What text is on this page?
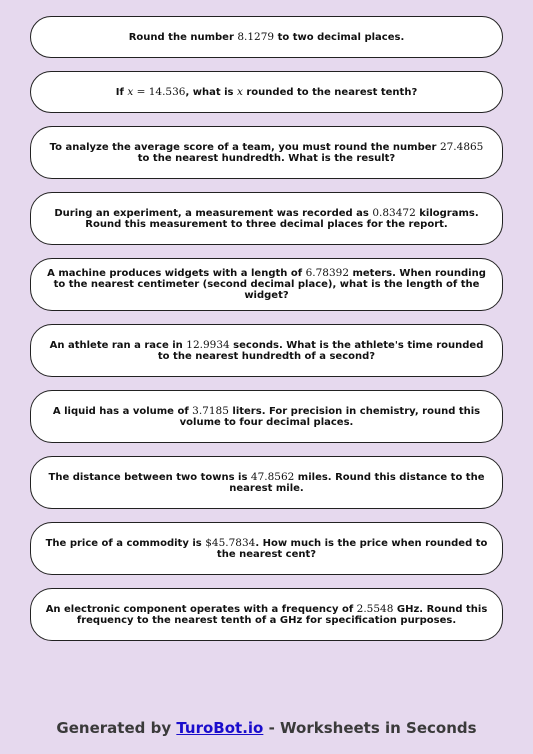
Round the number 8.1279 to two decimal places.
If x = 14.536, what is x rounded to the nearest tenth?
To analyze the average score of a team, you must round the number 27.4865 to the nearest hundredth. What is the result?
During an experiment, a measurement was recorded as 0.83472 kilograms. Round this measurement to three decimal places for the report.
A machine produces widgets with a length of 6.78392 meters. When rounding to the nearest centimeter (second decimal place), what is the length of the widget?
An athlete ran a race in 12.9934 seconds. What is the athlete's time rounded to the nearest hundredth of a second?
A liquid has a volume of 3.7185 liters. For precision in chemistry, round this volume to four decimal places.
The distance between two towns is 47.8562 miles. Round this distance to the nearest mile.
The price of a commodity is $45.7834. How much is the price when rounded to the nearest cent?
An electronic component operates with a frequency of 2.5548 GHz. Round this frequency to the nearest tenth of a GHz for specification purposes.
Generated by TuroBot.io - Worksheets in Seconds
